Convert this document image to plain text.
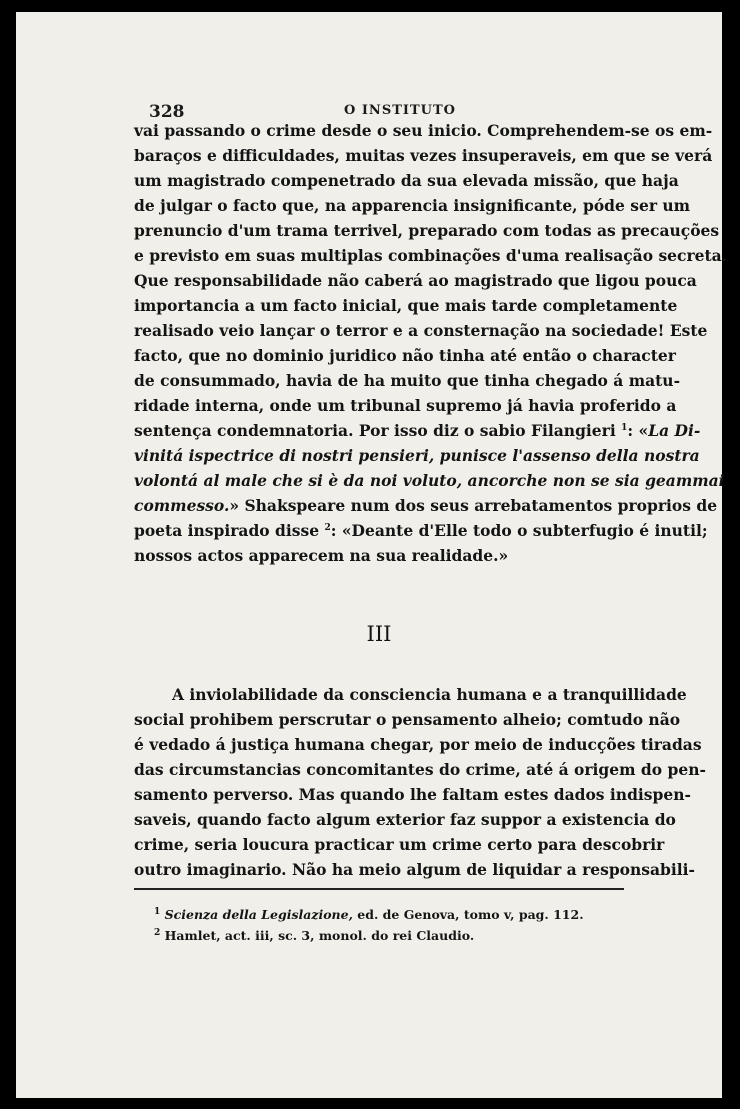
328	O INSTITUTO
vai passando o crime desde o seu inicio. Comprehendem-se os em-
baraços e difficuldades, muitas vezes insuperaveis, em que se verá
um magistrado compenetrado da sua elevada missão, que haja
de julgar o facto que, na apparencia insignificante, póde ser um
prenuncio d'um trama terrivel, preparado com todas as precauções
e previsto em suas multiplas combinações d'uma realisação secreta.
Que responsabilidade não caberá ao magistrado que ligou pouca
importancia a um facto inicial, que mais tarde completamente
realisado veio lançar o terror e a consternação na sociedade! Este
facto, que no dominio juridico não tinha até então o character
de consummado, havia de ha muito que tinha chegado á matu-
ridade interna, onde um tribunal supremo já havia proferido a
sentença condemnatoria. Por isso diz o sabio Filangieri $^1$: «La Di-
vinitá ispectrice di nostri pensieri, punisce l'assenso della nostra
volontá al male che si è da noi voluto, ancorche non se sia geammai
commesso.» Shakspeare num dos seus arrebatamentos proprios de
poeta inspirado disse $^2$: «Deante d'Elle todo o subterfugio é inutil;
nossos actos apparecem na sua realidade.»
III
A inviolabilidade da consciencia humana e a tranquillidade
social prohibem perscrutar o pensamento alheio; comtudo não
é vedado á justiça humana chegar, por meio de inducções tiradas
das circumstancias concomitantes do crime, até á origem do pen-
samento perverso. Mas quando lhe faltam estes dados indispen-
saveis, quando facto algum exterior faz suppor a existencia do
crime, seria loucura practicar um crime certo para descobrir
outro imaginario. Não ha meio algum de liquidar a responsabili-
$^1$ Scienza della Legislazione, ed. de Genova, tomo v, pag. 112.
$^2$ Hamlet, act. iii, sc. 3, monol. do rei Claudio.
